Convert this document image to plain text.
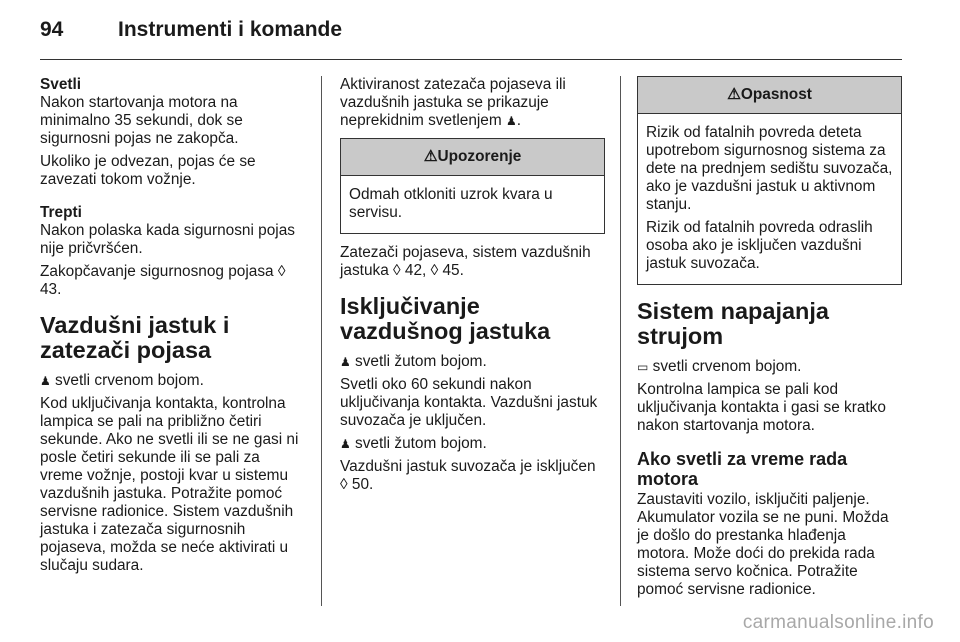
94	Instrumenti i komande
Svetli

Nakon startovanja motora na minimalno 35 sekundi, dok se sigurnosni pojas ne zakopča.

Ukoliko je odvezan, pojas će se zavezati tokom vožnje.

Trepti

Nakon polaska kada sigurnosni pojas nije pričvršćen.

Zakopčavanje sigurnosnog pojasa ◊ 43.

Vazdušni jastuk i zatezači pojasa

♟︎ svetli crvenom bojom.

Kod uključivanja kontakta, kontrolna lampica se pali na približno četiri sekunde. Ako ne svetli ili se ne gasi ni posle četiri sekunde ili se pali za vreme vožnje, postoji kvar u sistemu vazdušnih jastuka. Potražite pomoć servisne radionice. Sistem vazdušnih jastuka i zatezača sigurnosnih pojaseva, možda se neće aktivirati u slučaju sudara.

Aktiviranost zatezača pojaseva ili vazdušnih jastuka se prikazuje neprekidnim svetlenjem ♟︎.

⚠︎Upozorenje

Odmah otkloniti uzrok kvara u servisu.

Zatezači pojaseva, sistem vazdušnih jastuka ◊ 42, ◊ 45.

Isključivanje vazdušnog jastuka

♟︎ svetli žutom bojom.

Svetli oko 60 sekundi nakon uključivanja kontakta. Vazdušni jastuk suvozača je uključen.

♟︎ svetli žutom bojom.

Vazdušni jastuk suvozača je isključen ◊ 50.

⚠︎Opasnost

Rizik od fatalnih povreda deteta upotrebom sigurnosnog sistema za dete na prednjem sedištu suvozača, ako je vazdušni jastuk u aktivnom stanju.

Rizik od fatalnih povreda odraslih osoba ako je isključen vazdušni jastuk suvozača.

Sistem napajanja strujom

▭ svetli crvenom bojom.

Kontrolna lampica se pali kod uključivanja kontakta i gasi se kratko nakon startovanja motora.

Ako svetli za vreme rada motora

Zaustaviti vozilo, isključiti paljenje. Akumulator vozila se ne puni. Možda je došlo do prestanka hlađenja motora. Može doći do prekida rada sistema servo kočnica. Potražite pomoć servisne radionice.

carmanualsonline.info
